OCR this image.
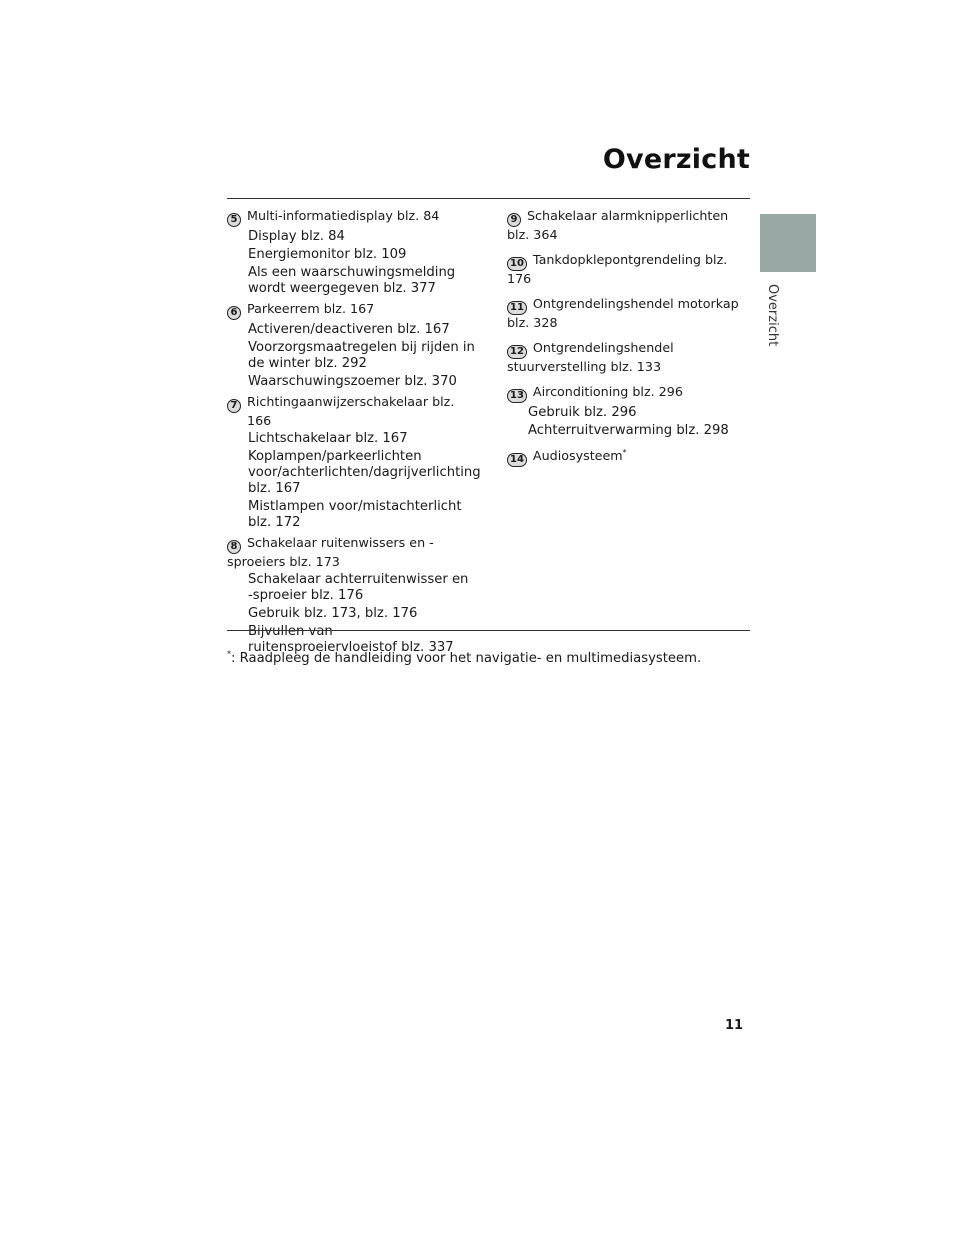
Overzicht
Overzicht
5 Multi-informatiedisplay blz. 84
Display blz. 84
Energiemonitor blz. 109
Als een waarschuwingsmelding wordt weergegeven blz. 377
6 Parkeerrem blz. 167
Activeren/deactiveren blz. 167
Voorzorgsmaatregelen bij rijden in de winter blz. 292
Waarschuwingszoemer blz. 370
7 Richtingaanwijzerschakelaar blz. 166
Lichtschakelaar blz. 167
Koplampen/parkeerlichten voor/achterlichten/dagrijverlichting blz. 167
Mistlampen voor/mistachterlicht blz. 172
8 Schakelaar ruitenwissers en -sproeiers blz. 173
Schakelaar achterruitenwisser en -sproeier blz. 176
Gebruik blz. 173, blz. 176
Bijvullen van ruitensproeiervloeistof blz. 337
9 Schakelaar alarmknipperlichten blz. 364
10 Tankdopklepontgrendeling blz. 176
11 Ontgrendelingshendel motorkap blz. 328
12 Ontgrendelingshendel stuurverstelling blz. 133
13 Airconditioning blz. 296
Gebruik blz. 296
Achterruitverwarming blz. 298
14 Audiosysteem*
*: Raadpleeg de handleiding voor het navigatie- en multimediasysteem.
11
